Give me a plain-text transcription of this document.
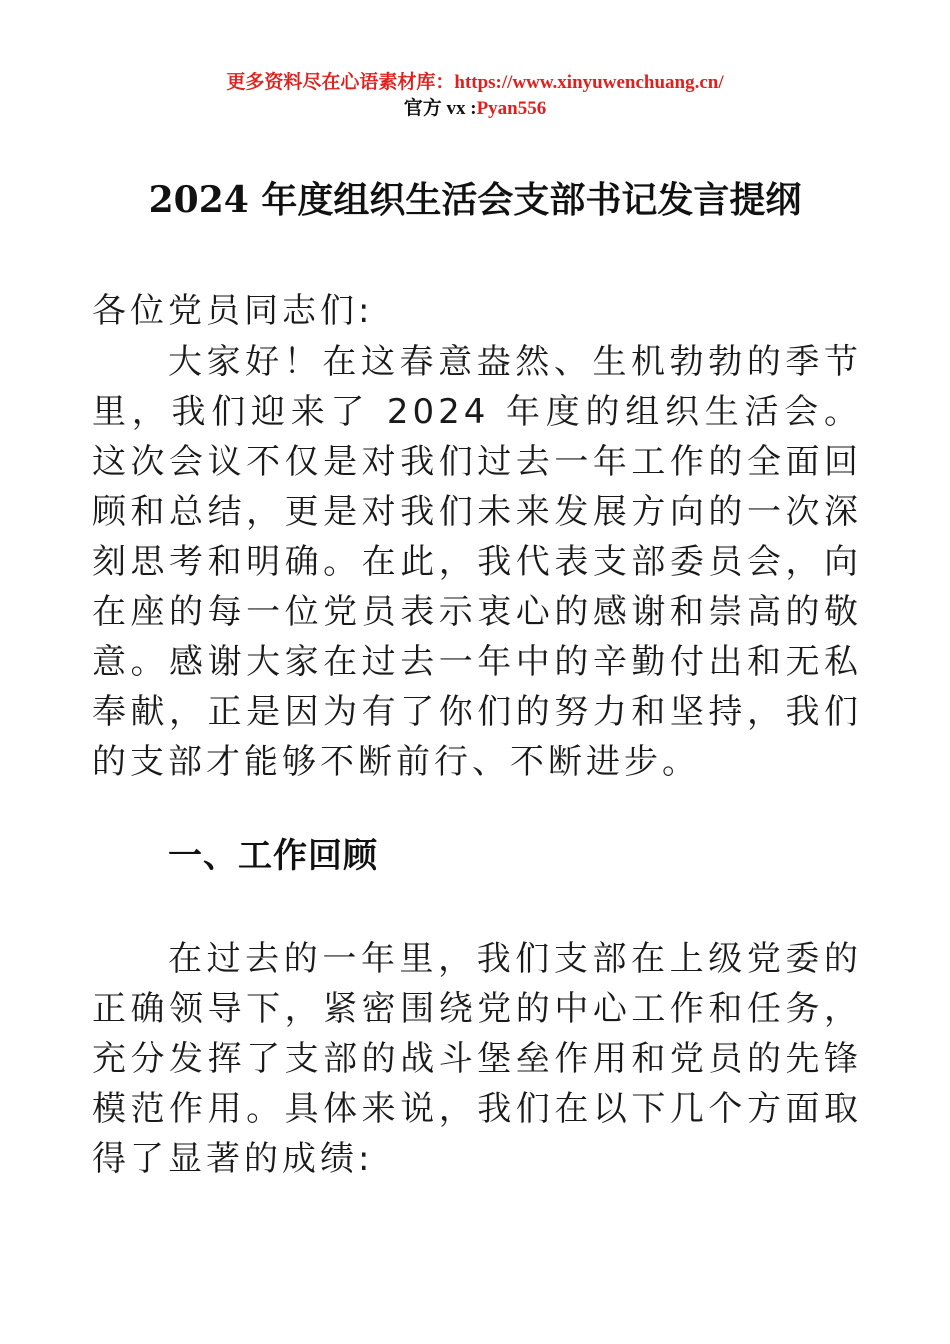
更多资料尽在心语素材库：https://www.xinyuwenchuang.cn/
官方 vx :Pyan556
2024 年度组织生活会支部书记发言提纲

各位党员同志们:

大家好！在这春意盎然、生机勃勃的季节里，我们迎来了 2024 年度的组织生活会。这次会议不仅是对我们过去一年工作的全面回顾和总结，更是对我们未来发展方向的一次深刻思考和明确。在此，我代表支部委员会，向在座的每一位党员表示衷心的感谢和崇高的敬意。感谢大家在过去一年中的辛勤付出和无私奉献，正是因为有了你们的努力和坚持，我们的支部才能够不断前行、不断进步。

一、工作回顾

在过去的一年里，我们支部在上级党委的正确领导下，紧密围绕党的中心工作和任务，充分发挥了支部的战斗堡垒作用和党员的先锋模范作用。具体来说，我们在以下几个方面取得了显著的成绩:
